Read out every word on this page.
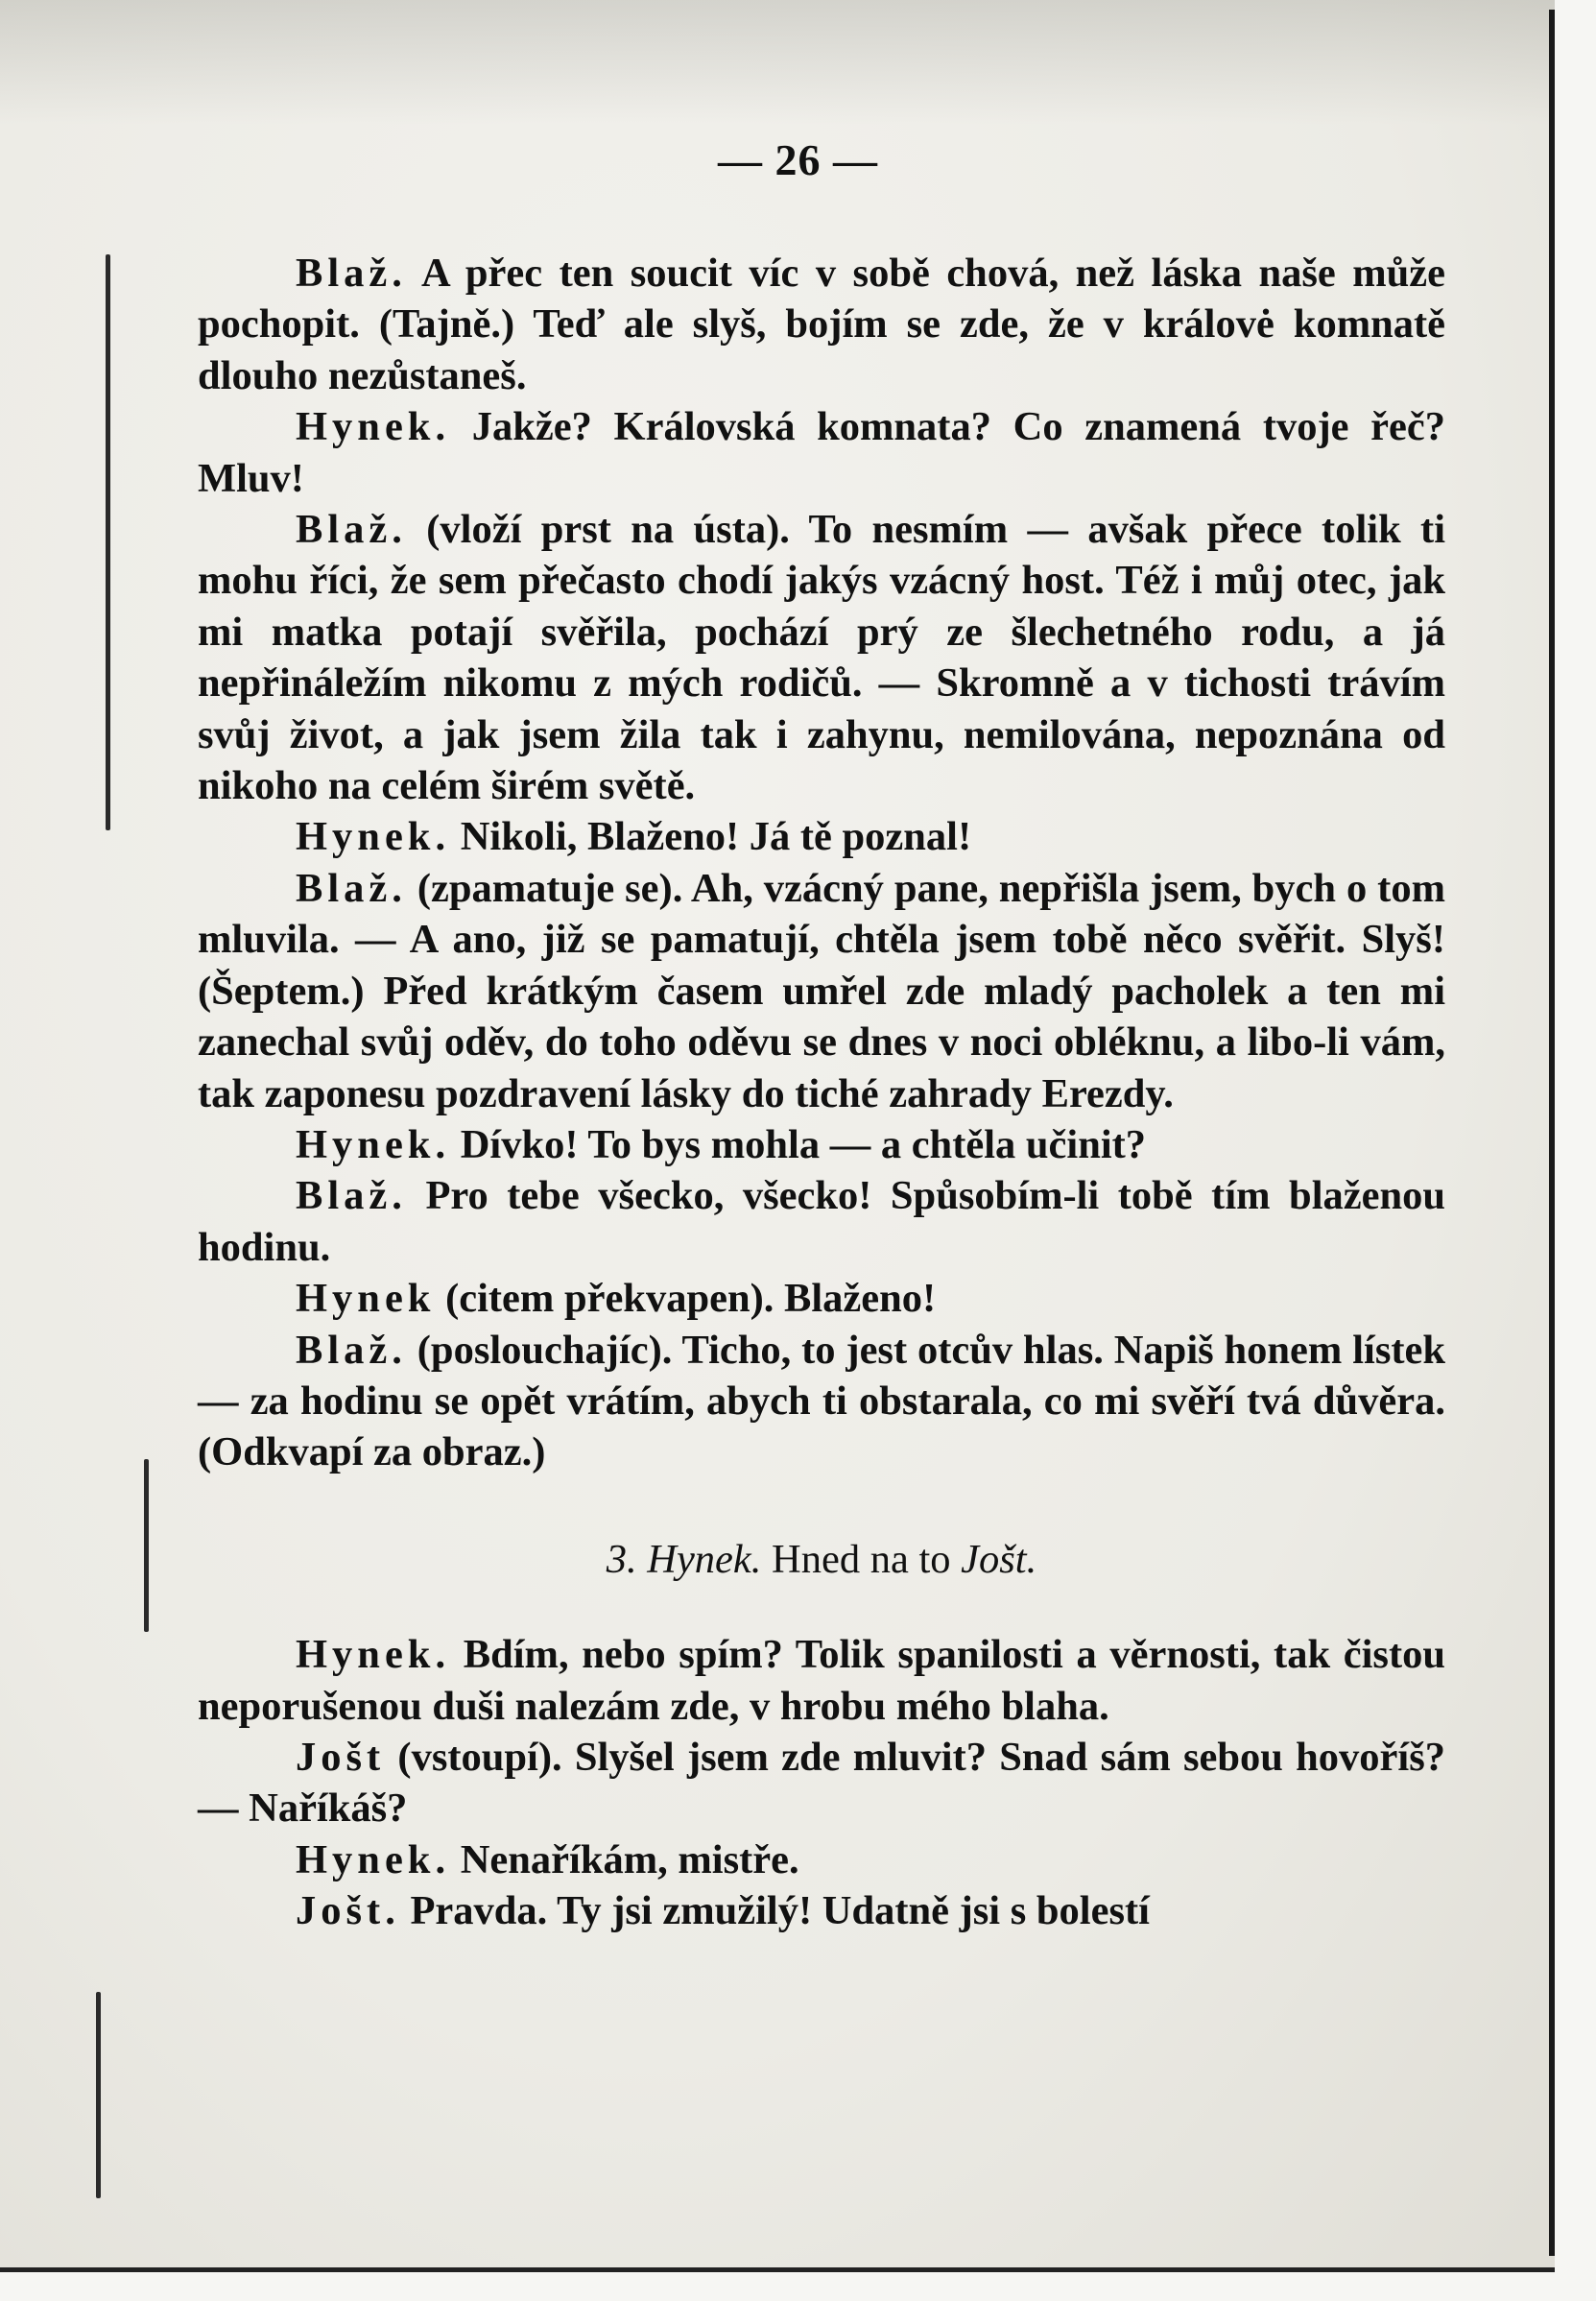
— 26 —

Blaž. A přec ten soucit víc v sobě chová, než láska naše může pochopit. (Tajně.) Teď ale slyš, bojím se zde, že v královė komnatě dlouho nezůstaneš.

Hynek. Jakže? Královská komnata? Co znamená tvoje řeč? Mluv!

Blaž. (vloží prst na ústa). To nesmím — avšak přece tolik ti mohu říci, že sem přečasto chodí jakýs vzácný host. Též i můj otec, jak mi matka potají svěřila, pochází prý ze šlechetného rodu, a já nepřináležím nikomu z mých rodičů. — Skromně a v tichosti trávím svůj život, a jak jsem žila tak i zahynu, nemilována, nepoznána od nikoho na celém širém světě.

Hynek. Nikoli, Blaženo! Já tě poznal!

Blaž. (zpamatuje se). Ah, vzácný pane, nepřišla jsem, bych o tom mluvila. — A ano, již se pamatují, chtěla jsem tobě něco svěřit. Slyš! (Šeptem.) Před krátkým časem umřel zde mladý pacholek a ten mi zanechal svůj oděv, do toho oděvu se dnes v noci obléknu, a libo-li vám, tak zaponesu pozdravení lásky do tiché zahrady Erezdy.

Hynek. Dívko! To bys mohla — a chtěla učinit?

Blaž. Pro tebe všecko, všecko! Spůsobím-li tobě tím blaženou hodinu.

Hynek (citem překvapen). Blaženo!

Blaž. (poslouchajíc). Ticho, to jest otcův hlas. Napiš honem lístek — za hodinu se opět vrátím, abych ti obstarala, co mi svěří tvá důvěra. (Odkvapí za obraz.)

3. Hynek. Hned na to Jošt.

Hynek. Bdím, nebo spím? Tolik spanilosti a věrnosti, tak čistou neporušenou duši nalezám zde, v hrobu mého blaha.

Jošt (vstoupí). Slyšel jsem zde mluvit? Snad sám sebou hovoříš? — Naříkáš?

Hynek. Nenaříkám, mistře.

Jošt. Pravda. Ty jsi zmužilý! Udatně jsi s bolestí
